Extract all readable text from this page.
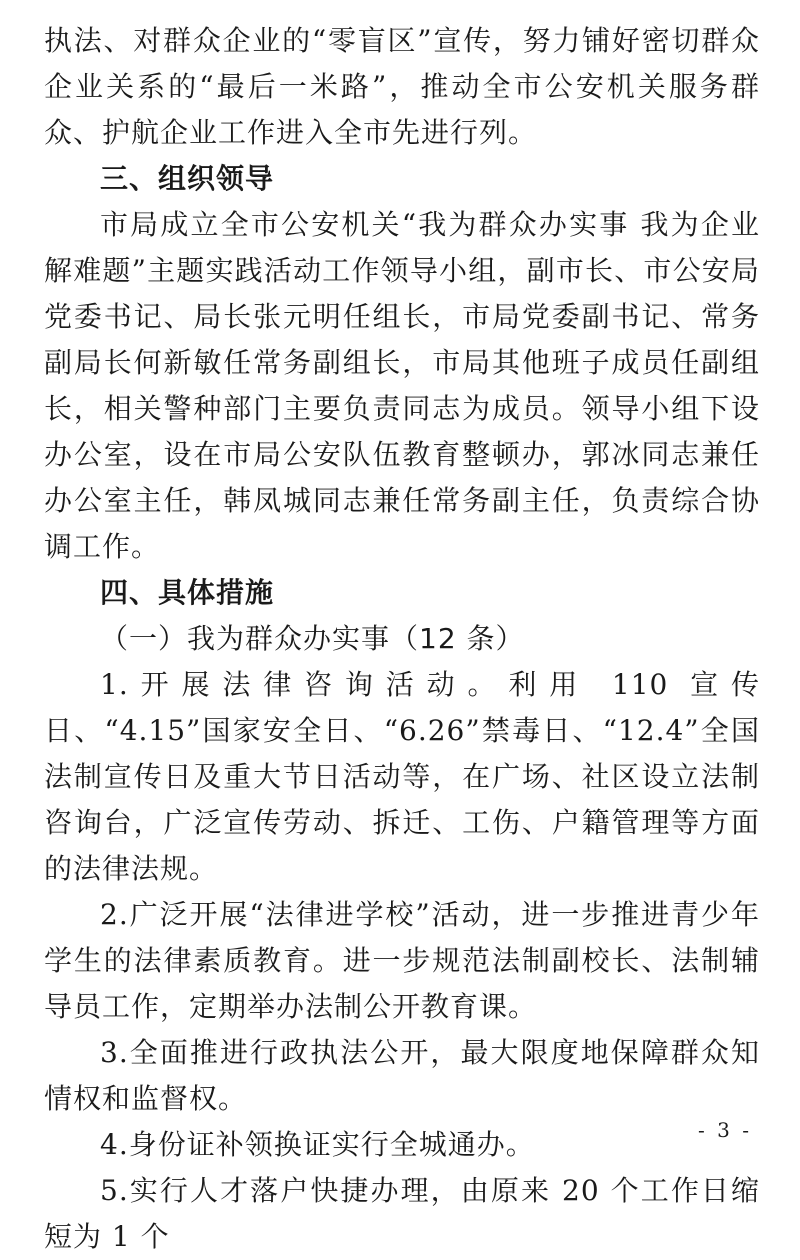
执法、对群众企业的“零盲区”宣传，努力铺好密切群众企业关系的“最后一米路”，推动全市公安机关服务群众、护航企业工作进入全市先进行列。

三、组织领导

市局成立全市公安机关“我为群众办实事 我为企业解难题”主题实践活动工作领导小组，副市长、市公安局党委书记、局长张元明任组长，市局党委副书记、常务副局长何新敏任常务副组长，市局其他班子成员任副组长，相关警种部门主要负责同志为成员。领导小组下设办公室，设在市局公安队伍教育整顿办，郭冰同志兼任办公室主任，韩凤城同志兼任常务副主任，负责综合协调工作。

四、具体措施

（一）我为群众办实事（12 条）

1.开展法律咨询活动。利用 110 宣传日、“4.15”国家安全日、“6.26”禁毒日、“12.4”全国法制宣传日及重大节日活动等，在广场、社区设立法制咨询台，广泛宣传劳动、拆迁、工伤、户籍管理等方面的法律法规。

2.广泛开展“法律进学校”活动，进一步推进青少年学生的法律素质教育。进一步规范法制副校长、法制辅导员工作，定期举办法制公开教育课。

3.全面推进行政执法公开，最大限度地保障群众知情权和监督权。

4.身份证补领换证实行全城通办。

5.实行人才落户快捷办理，由原来 20 个工作日缩短为 1 个

- 3 -
